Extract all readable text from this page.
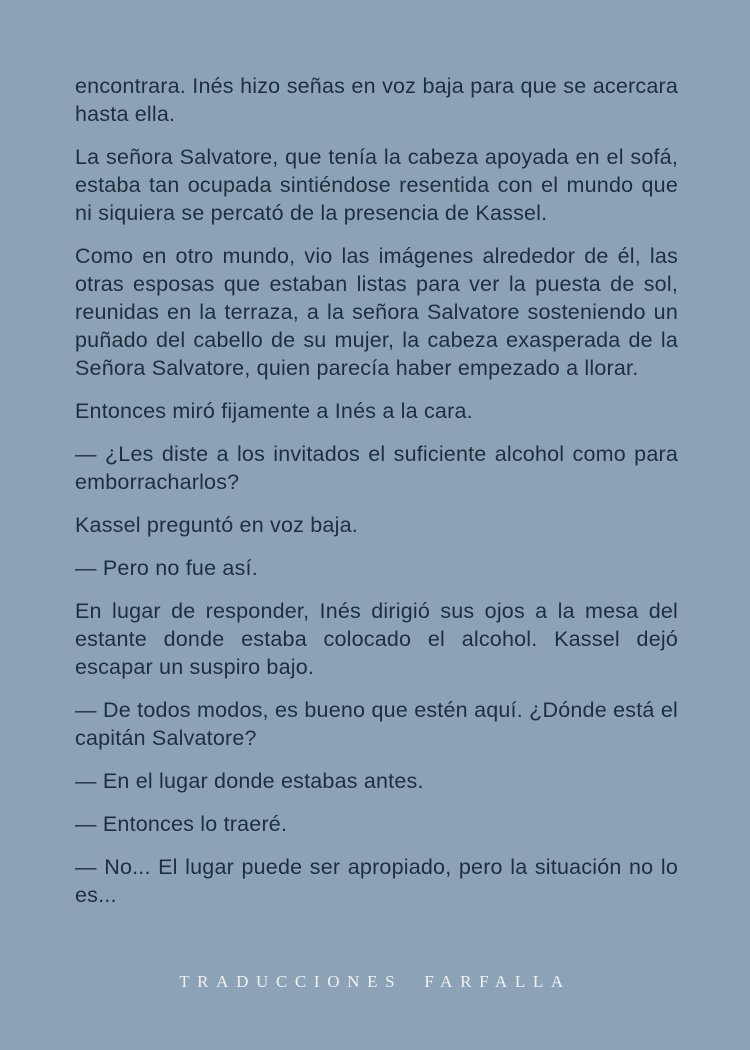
encontrara. Inés hizo señas en voz baja para que se acercara hasta ella.

La señora Salvatore, que tenía la cabeza apoyada en el sofá, estaba tan ocupada sintiéndose resentida con el mundo que ni siquiera se percató de la presencia de Kassel.

Como en otro mundo, vio las imágenes alrededor de él, las otras esposas que estaban listas para ver la puesta de sol, reunidas en la terraza, a la señora Salvatore sosteniendo un puñado del cabello de su mujer, la cabeza exasperada de la Señora Salvatore, quien parecía haber empezado a llorar.

Entonces miró fijamente a Inés a la cara.

— ¿Les diste a los invitados el suficiente alcohol como para emborracharlos?

Kassel preguntó en voz baja.

— Pero no fue así.

En lugar de responder, Inés dirigió sus ojos a la mesa del estante donde estaba colocado el alcohol. Kassel dejó escapar un suspiro bajo.

— De todos modos, es bueno que estén aquí. ¿Dónde está el capitán Salvatore?

— En el lugar donde estabas antes.

— Entonces lo traeré.

— No... El lugar puede ser apropiado, pero la situación no lo es...

TRADUCCIONES FARFALLA
